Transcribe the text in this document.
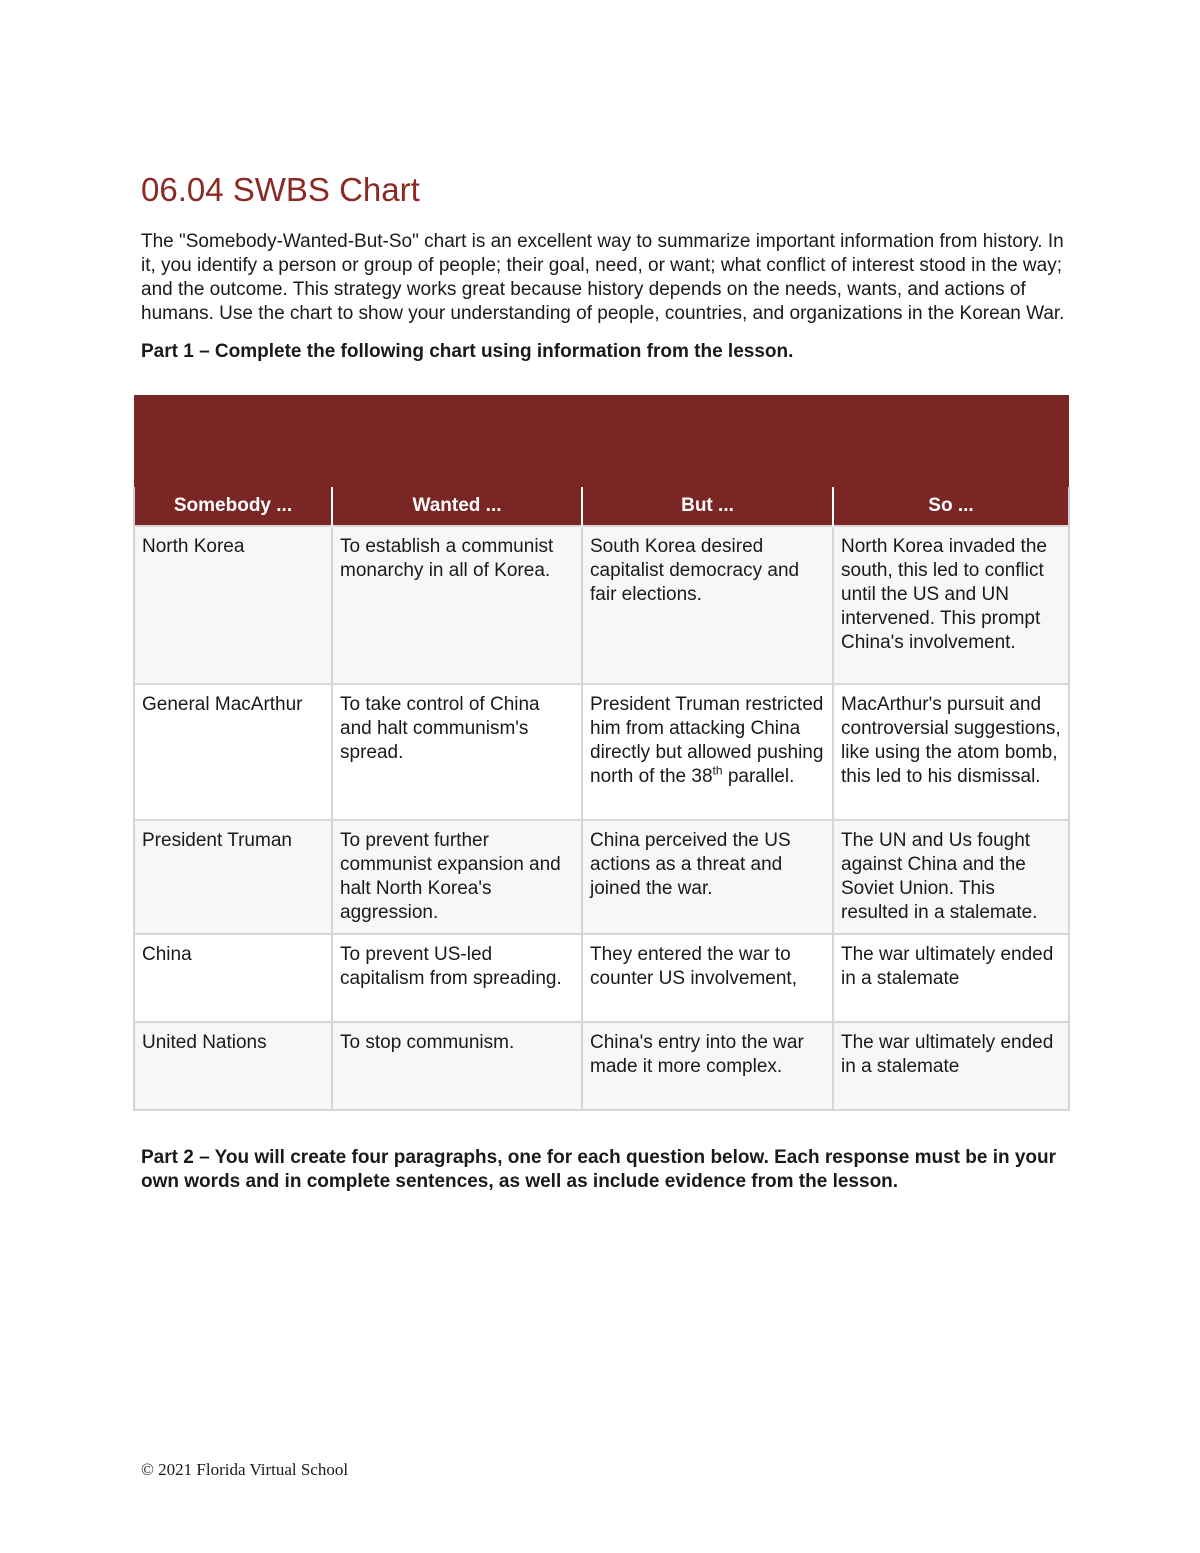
06.04 SWBS Chart

The "Somebody-Wanted-But-So" chart is an excellent way to summarize important information from history. In it, you identify a person or group of people; their goal, need, or want; what conflict of interest stood in the way; and the outcome. This strategy works great because history depends on the needs, wants, and actions of humans. Use the chart to show your understanding of people, countries, and organizations in the Korean War.

Part 1 – Complete the following chart using information from the lesson.

Somebody ...	Wanted ...	But ...	So ...
North Korea	To establish a communist monarchy in all of Korea.	South Korea desired capitalist democracy and fair elections.	North Korea invaded the south, this led to conflict until the US and UN intervened. This prompt China's involvement.
General MacArthur	To take control of China and halt communism's spread.	President Truman restricted him from attacking China directly but allowed pushing north of the 38th parallel.	MacArthur's pursuit and controversial suggestions, like using the atom bomb, this led to his dismissal.
President Truman	To prevent further communist expansion and halt North Korea's aggression.	China perceived the US actions as a threat and joined the war.	The UN and Us fought against China and the Soviet Union. This resulted in a stalemate.
China	To prevent US-led capitalism from spreading.	They entered the war to counter US involvement,	The war ultimately ended in a stalemate
United Nations	To stop communism.	China's entry into the war made it more complex.	The war ultimately ended in a stalemate

Part 2 – You will create four paragraphs, one for each question below. Each response must be in your own words and in complete sentences, as well as include evidence from the lesson.

© 2021 Florida Virtual School
